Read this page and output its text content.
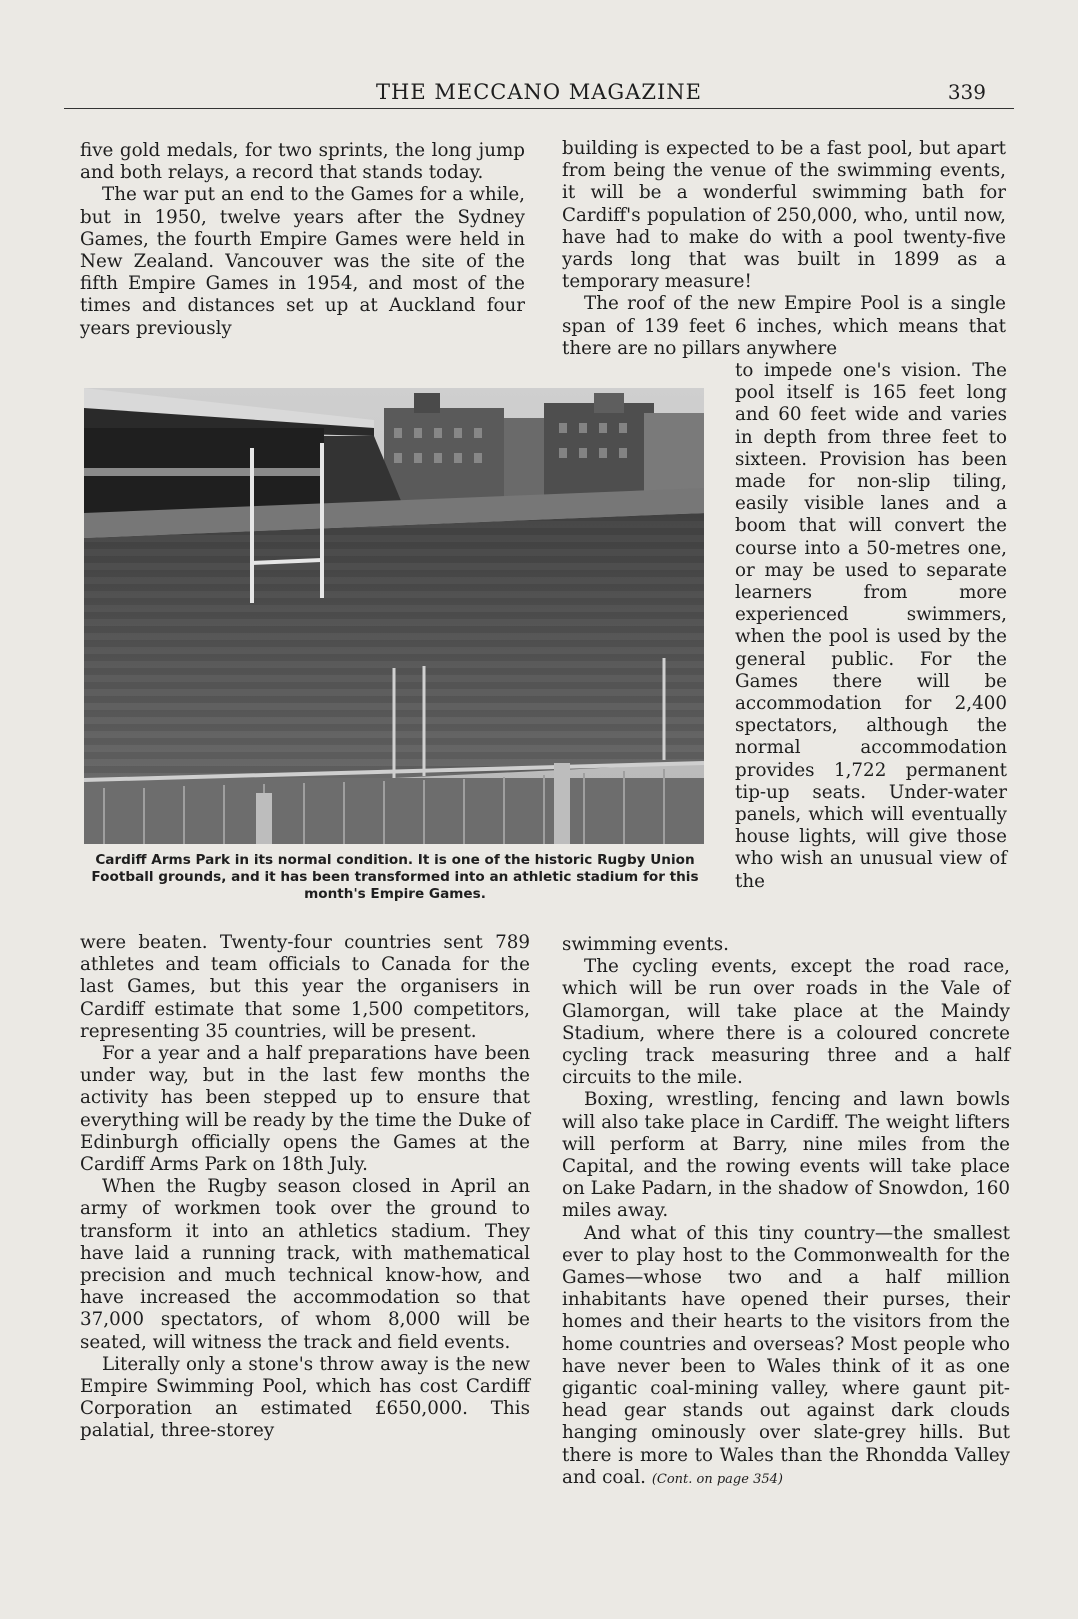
THE MECCANO MAGAZINE	339

five gold medals, for two sprints, the long jump and both relays, a record that stands today.

The war put an end to the Games for a while, but in 1950, twelve years after the Sydney Games, the fourth Empire Games were held in New Zealand. Vancouver was the site of the fifth Empire Games in 1954, and most of the times and distances set up at Auckland four years previously

Cardiff Arms Park in its normal condition. It is one of the historic Rugby Union Football grounds, and it has been transformed into an athletic stadium for this month's Empire Games.

were beaten. Twenty-four countries sent 789 athletes and team officials to Canada for the last Games, but this year the organisers in Cardiff estimate that some 1,500 competitors, representing 35 countries, will be present.

For a year and a half preparations have been under way, but in the last few months the activity has been stepped up to ensure that everything will be ready by the time the Duke of Edinburgh officially opens the Games at the Cardiff Arms Park on 18th July.

When the Rugby season closed in April an army of workmen took over the ground to transform it into an athletics stadium. They have laid a running track, with mathematical precision and much technical know-how, and have increased the accommodation so that 37,000 spectators, of whom 8,000 will be seated, will witness the track and field events.

Literally only a stone's throw away is the new Empire Swimming Pool, which has cost Cardiff Corporation an estimated £650,000. This palatial, three-storey

building is expected to be a fast pool, but apart from being the venue of the swimming events, it will be a wonderful swimming bath for Cardiff's population of 250,000, who, until now, have had to make do with a pool twenty-five yards long that was built in 1899 as a temporary measure!

The roof of the new Empire Pool is a single span of 139 feet 6 inches, which means that there are no pillars anywhere

to impede one's vision. The pool itself is 165 feet long and 60 feet wide and varies in depth from three feet to sixteen. Provision has been made for non-slip tiling, easily visible lanes and a boom that will convert the course into a 50-metres one, or may be used to separate learners from more experienced swimmers, when the pool is used by the general public. For the Games there will be accommodation for 2,400 spectators, although the normal accommodation provides 1,722 permanent tip-up seats. Under-water panels, which will eventually house lights, will give those who wish an unusual view of the

swimming events.

The cycling events, except the road race, which will be run over roads in the Vale of Glamorgan, will take place at the Maindy Stadium, where there is a coloured concrete cycling track measuring three and a half circuits to the mile.

Boxing, wrestling, fencing and lawn bowls will also take place in Cardiff. The weight lifters will perform at Barry, nine miles from the Capital, and the rowing events will take place on Lake Padarn, in the shadow of Snowdon, 160 miles away.

And what of this tiny country—the smallest ever to play host to the Commonwealth for the Games—whose two and a half million inhabitants have opened their purses, their homes and their hearts to the visitors from the home countries and overseas? Most people who have never been to Wales think of it as one gigantic coal-mining valley, where gaunt pit-head gear stands out against dark clouds hanging ominously over slate-grey hills. But there is more to Wales than the Rhondda Valley and coal. (Cont. on page 354)
